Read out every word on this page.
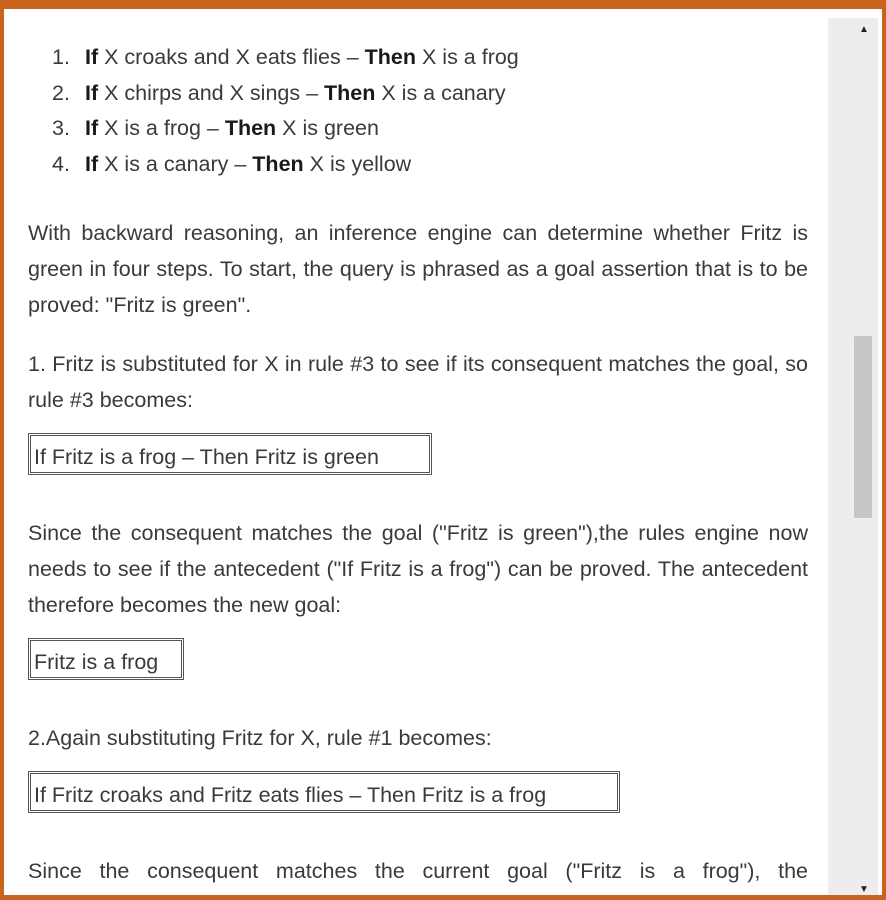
1. If X croaks and X eats flies – Then X is a frog
2. If X chirps and X sings – Then X is a canary
3. If X is a frog – Then X is green
4. If X is a canary – Then X is yellow

With backward reasoning, an inference engine can determine whether Fritz is green in four steps. To start, the query is phrased as a goal assertion that is to be proved: "Fritz is green".

1. Fritz is substituted for X in rule #3 to see if its consequent matches the goal, so rule #3 becomes:

If Fritz is a frog – Then Fritz is green

Since the consequent matches the goal ("Fritz is green"),the rules engine now needs to see if the antecedent ("If Fritz is a frog") can be proved. The antecedent therefore becomes the new goal:

Fritz is a frog

2.Again substituting Fritz for X, rule #1 becomes:

If Fritz croaks and Fritz eats flies – Then Fritz is a frog

Since the consequent matches the current goal ("Fritz is a frog"), the

▲
▼
